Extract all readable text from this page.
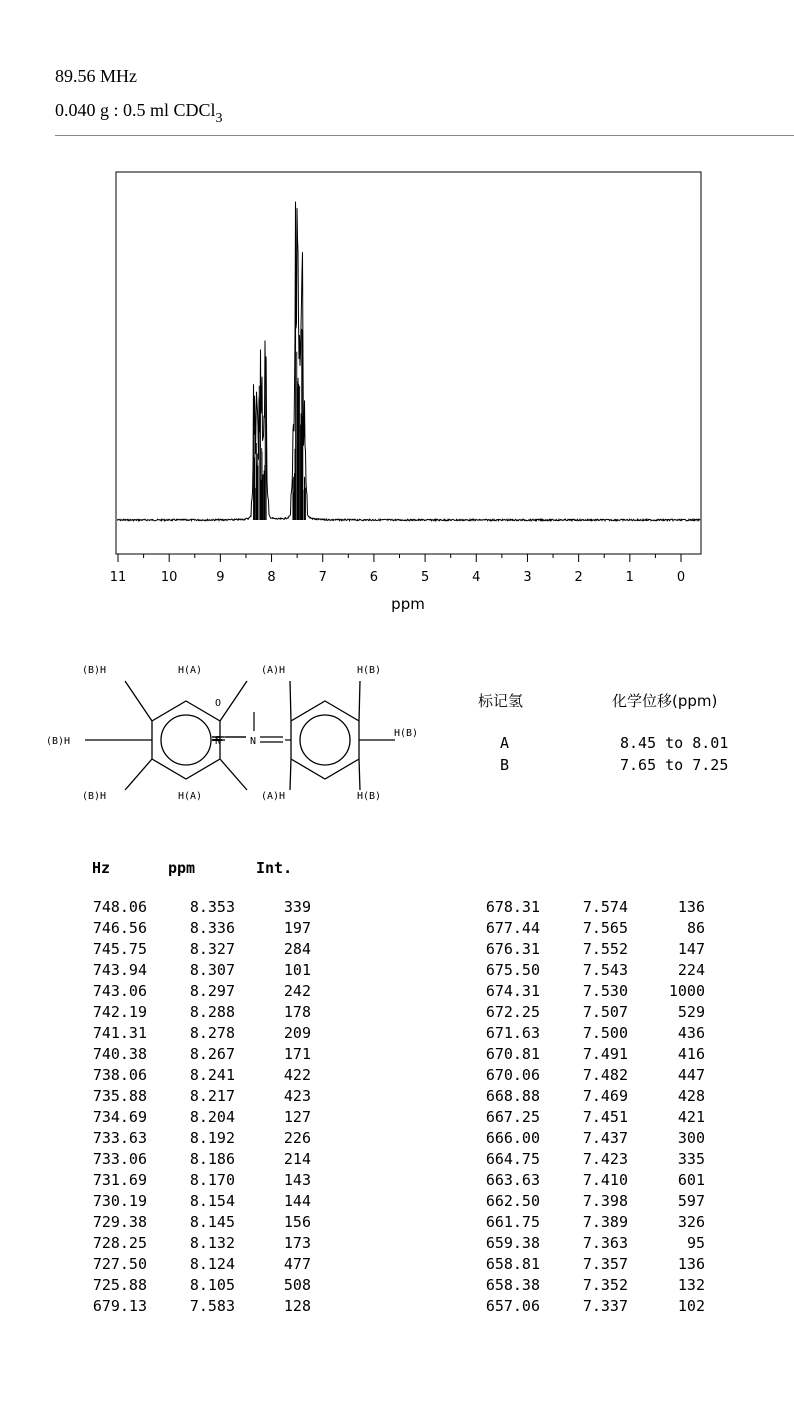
89.56 MHz
0.040 g : 0.5 ml CDCl$_3$
11	10	9	8	7	6	5	4	3	2	1	0
ppm
(B)H	H(A)
(B)H
(B)H	H(A)
(A)H	H(B)
H(B)
(A)H	H(B)
O
N	N
标记氢	化学位移(ppm)
A	8.45 to 8.01
B	7.65 to 7.25
Hz	ppm	Int.
748.06	8.353	339
746.56	8.336	197
745.75	8.327	284
743.94	8.307	101
743.06	8.297	242
742.19	8.288	178
741.31	8.278	209
740.38	8.267	171
738.06	8.241	422
735.88	8.217	423
734.69	8.204	127
733.63	8.192	226
733.06	8.186	214
731.69	8.170	143
730.19	8.154	144
729.38	8.145	156
728.25	8.132	173
727.50	8.124	477
725.88	8.105	508
679.13	7.583	128
678.31	7.574	136
677.44	7.565	86
676.31	7.552	147
675.50	7.543	224
674.31	7.530	1000
672.25	7.507	529
671.63	7.500	436
670.81	7.491	416
670.06	7.482	447
668.88	7.469	428
667.25	7.451	421
666.00	7.437	300
664.75	7.423	335
663.63	7.410	601
662.50	7.398	597
661.75	7.389	326
659.38	7.363	95
658.81	7.357	136
658.38	7.352	132
657.06	7.337	102
